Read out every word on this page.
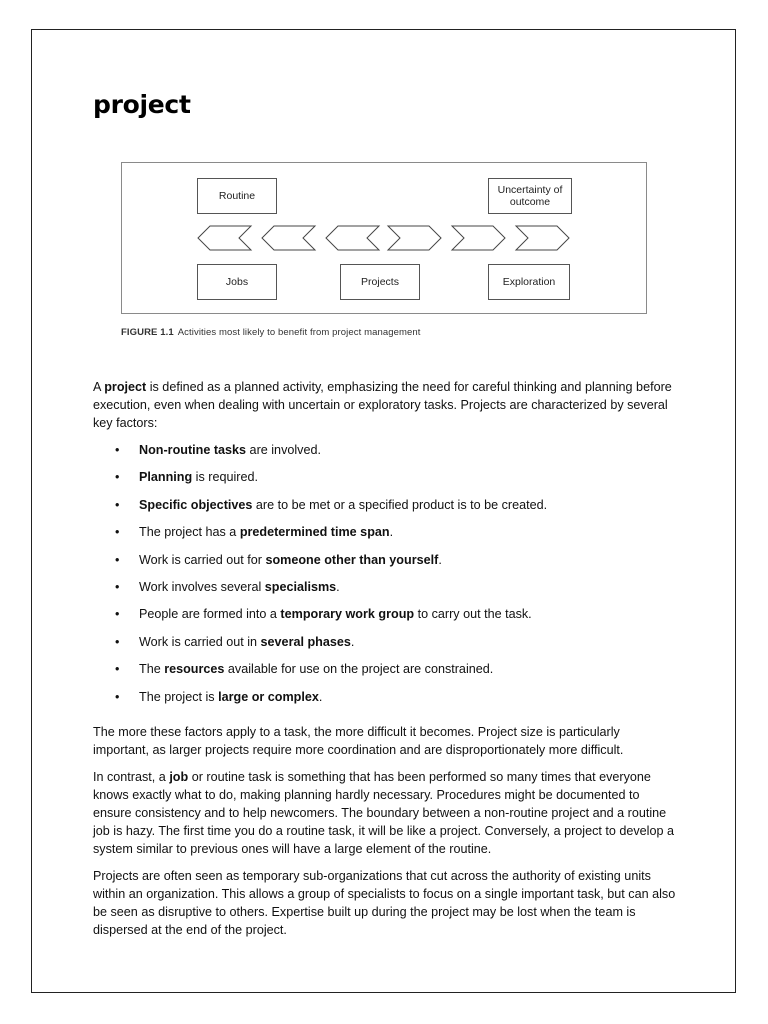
project
Routine	Uncertainty of outcome
Jobs	Projects	Exploration
FIGURE 1.1 Activities most likely to benefit from project management

A project is defined as a planned activity, emphasizing the need for careful thinking and planning before execution, even when dealing with uncertain or exploratory tasks. Projects are characterized by several key factors:

• Non-routine tasks are involved.
• Planning is required.
• Specific objectives are to be met or a specified product is to be created.
• The project has a predetermined time span.
• Work is carried out for someone other than yourself.
• Work involves several specialisms.
• People are formed into a temporary work group to carry out the task.
• Work is carried out in several phases.
• The resources available for use on the project are constrained.
• The project is large or complex.

The more these factors apply to a task, the more difficult it becomes. Project size is particularly important, as larger projects require more coordination and are disproportionately more difficult.

In contrast, a job or routine task is something that has been performed so many times that everyone knows exactly what to do, making planning hardly necessary. Procedures might be documented to ensure consistency and to help newcomers. The boundary between a non-routine project and a routine job is hazy. The first time you do a routine task, it will be like a project. Conversely, a project to develop a system similar to previous ones will have a large element of the routine.

Projects are often seen as temporary sub-organizations that cut across the authority of existing units within an organization. This allows a group of specialists to focus on a single important task, but can also be seen as disruptive to others. Expertise built up during the project may be lost when the team is dispersed at the end of the project.
